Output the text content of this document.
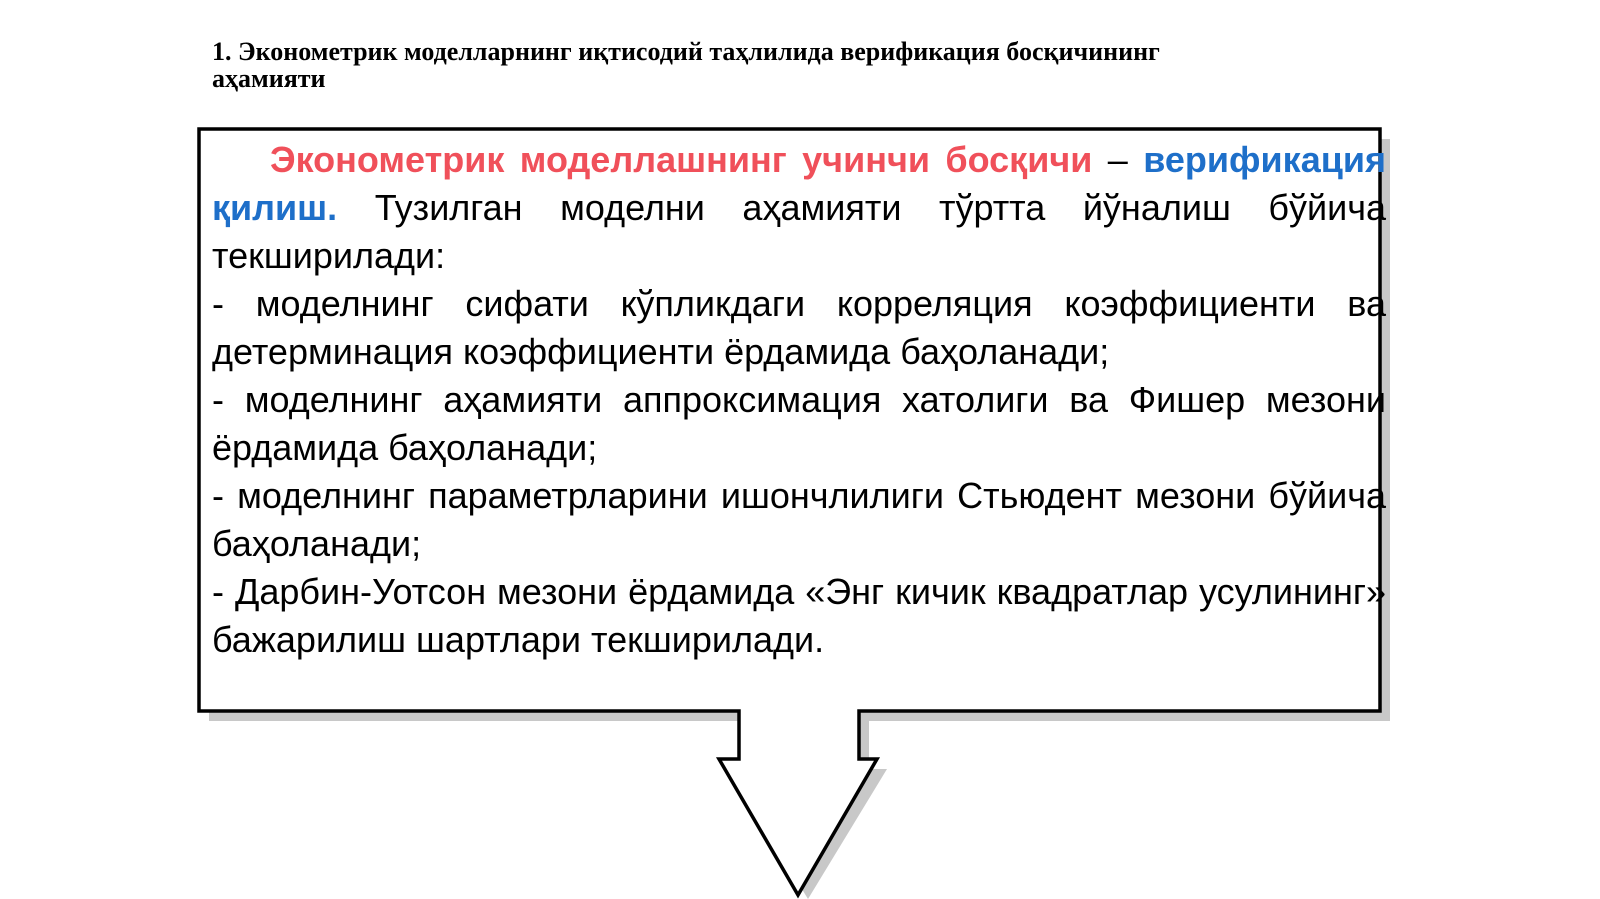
1. Эконометрик моделларнинг иқтисодий таҳлилида верификация босқичининг аҳамияти

Эконометрик моделлашнинг учинчи босқичи – верификация қилиш. Тузилган моделни аҳамияти тўртта йўналиш бўйича текширилади:

- моделнинг сифати кўпликдаги корреляция коэффициенти ва детерминация коэффициенти ёрдамида баҳоланади;

- моделнинг аҳамияти аппроксимация хатолиги ва Фишер мезони ёрдамида баҳоланади;

- моделнинг параметрларини ишончлилиги Стьюдент мезони бўйича баҳоланади;

- Дарбин-Уотсон мезони ёрдамида «Энг кичик квадратлар усулининг» бажарилиш шартлари текширилади.
